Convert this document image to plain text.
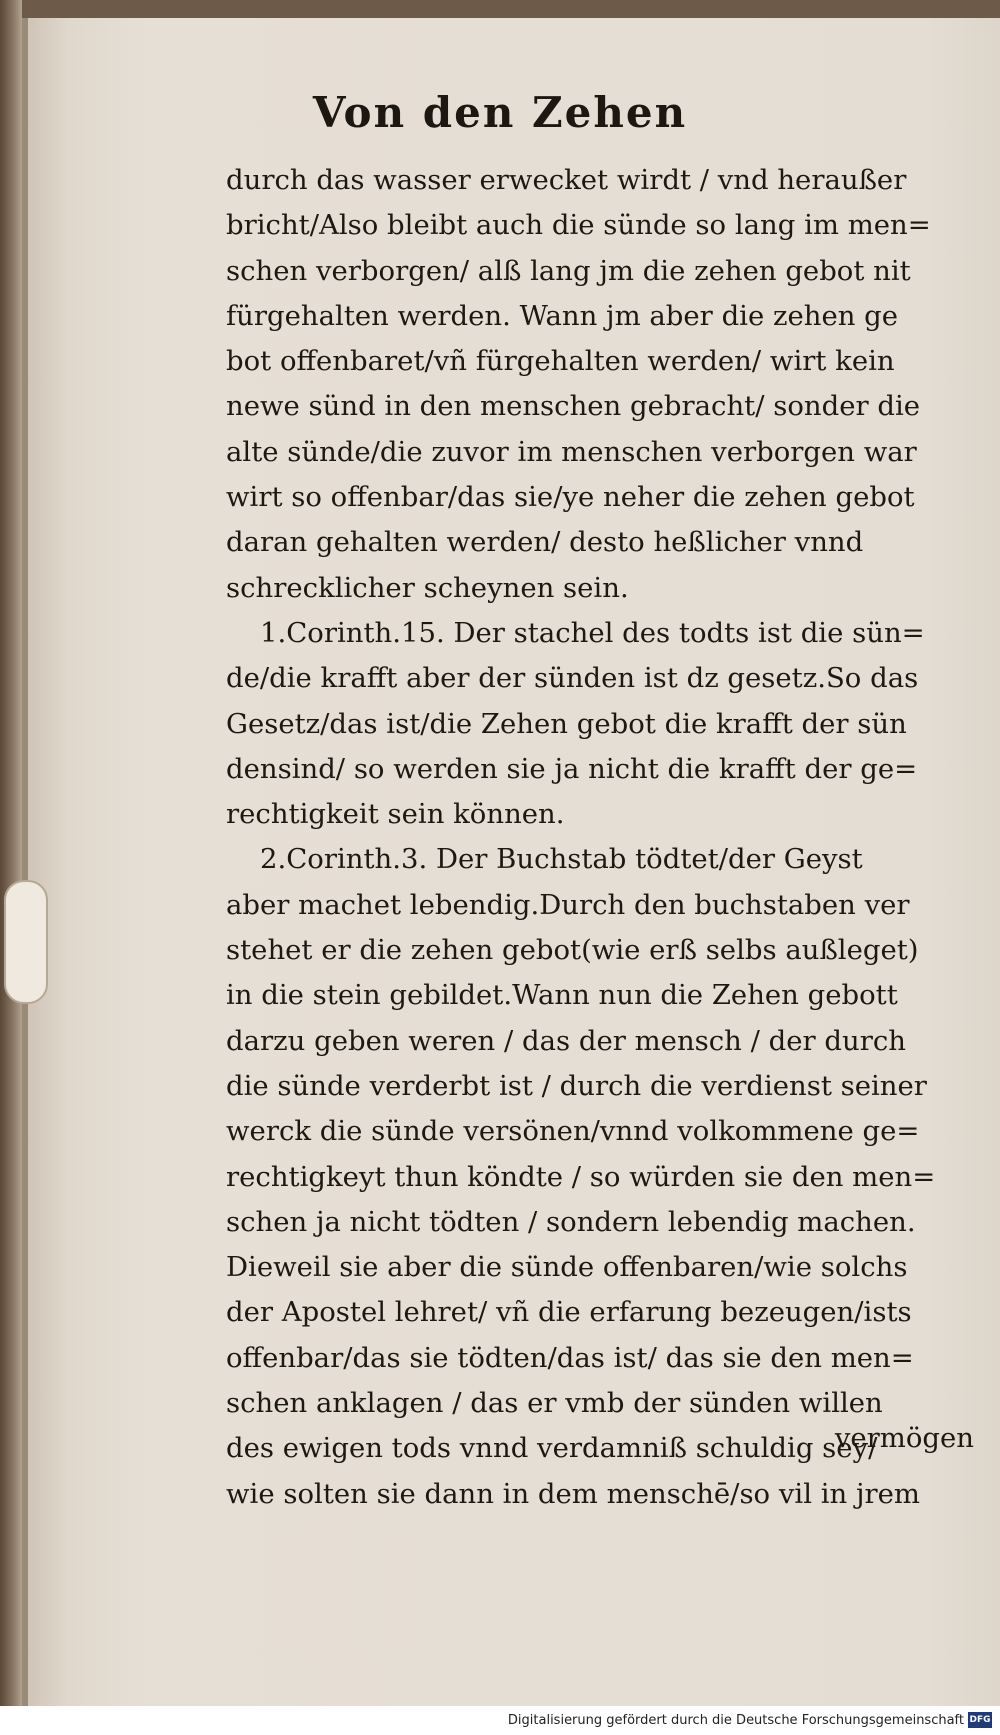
Von den Zehen
durch das wasser erwecket wirdt / vnd heraußer
bricht/Also bleibt auch die sünde so lang im men=
schen verborgen/ alß lang jm die zehen gebot nit
fürgehalten werden. Wann jm aber die zehen ge
bot offenbaret/vñ fürgehalten werden/ wirt kein
newe sünd in den menschen gebracht/ sonder die
alte sünde/die zuvor im menschen verborgen war
wirt so offenbar/das sie/ye neher die zehen gebot
daran gehalten werden/ desto heßlicher vnnd
schrecklicher scheynen sein.
1.Corinth.15. Der stachel des todts ist die sün=
de/die krafft aber der sünden ist dz gesetz.So das
Gesetz/das ist/die Zehen gebot die krafft der sün
densind/ so werden sie ja nicht die krafft der ge=
rechtigkeit sein können.
2.Corinth.3. Der Buchstab tödtet/der Geyst
aber machet lebendig.Durch den buchstaben ver
stehet er die zehen gebot(wie erß selbs außleget)
in die stein gebildet.Wann nun die Zehen gebott
darzu geben weren / das der mensch / der durch
die sünde verderbt ist / durch die verdienst seiner
werck die sünde versönen/vnnd volkommene ge=
rechtigkeyt thun köndte / so würden sie den men=
schen ja nicht tödten / sondern lebendig machen.
Dieweil sie aber die sünde offenbaren/wie solchs
der Apostel lehret/ vñ die erfarung bezeugen/ists
offenbar/das sie tödten/das ist/ das sie den men=
schen anklagen / das er vmb der sünden willen
des ewigen tods vnnd verdamniß schuldig sey/
wie solten sie dann in dem menschē/so vil in jrem
vermögen
Digitalisierung gefördert durch die Deutsche Forschungsgemeinschaft DFG
